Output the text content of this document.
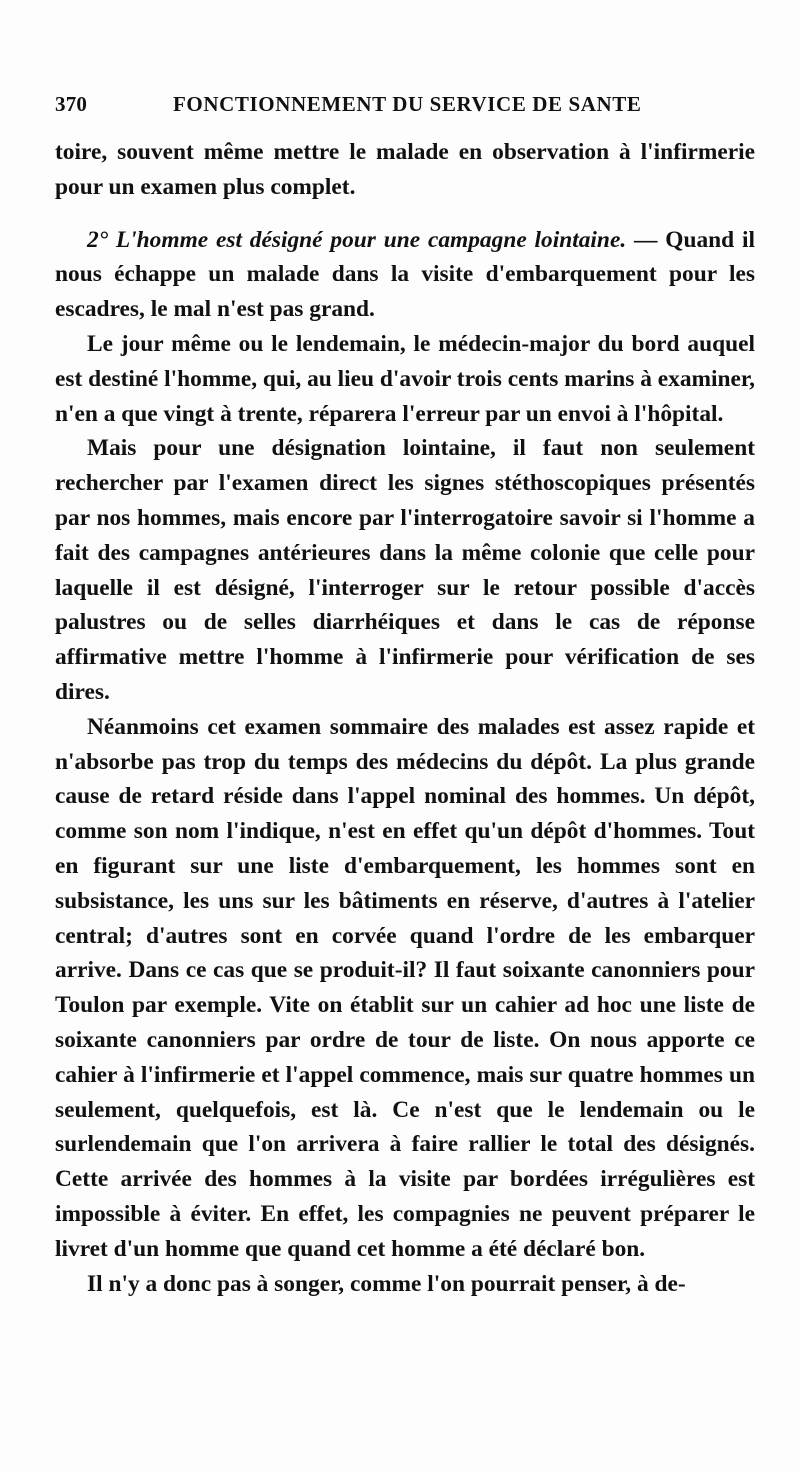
370	FONCTIONNEMENT DU SERVICE DE SANTE

toire, souvent même mettre le malade en observation à l'infirmerie pour un examen plus complet.

2° L'homme est désigné pour une campagne lointaine. — Quand il nous échappe un malade dans la visite d'embarquement pour les escadres, le mal n'est pas grand.

Le jour même ou le lendemain, le médecin-major du bord auquel est destiné l'homme, qui, au lieu d'avoir trois cents marins à examiner, n'en a que vingt à trente, réparera l'erreur par un envoi à l'hôpital.

Mais pour une désignation lointaine, il faut non seulement rechercher par l'examen direct les signes stéthoscopiques présentés par nos hommes, mais encore par l'interrogatoire savoir si l'homme a fait des campagnes antérieures dans la même colonie que celle pour laquelle il est désigné, l'interroger sur le retour possible d'accès palustres ou de selles diarrhéiques et dans le cas de réponse affirmative mettre l'homme à l'infirmerie pour vérification de ses dires.

Néanmoins cet examen sommaire des malades est assez rapide et n'absorbe pas trop du temps des médecins du dépôt. La plus grande cause de retard réside dans l'appel nominal des hommes. Un dépôt, comme son nom l'indique, n'est en effet qu'un dépôt d'hommes. Tout en figurant sur une liste d'embarquement, les hommes sont en subsistance, les uns sur les bâtiments en réserve, d'autres à l'atelier central; d'autres sont en corvée quand l'ordre de les embarquer arrive. Dans ce cas que se produit-il? Il faut soixante canonniers pour Toulon par exemple. Vite on établit sur un cahier ad hoc une liste de soixante canonniers par ordre de tour de liste. On nous apporte ce cahier à l'infirmerie et l'appel commence, mais sur quatre hommes un seulement, quelquefois, est là. Ce n'est que le lendemain ou le surlendemain que l'on arrivera à faire rallier le total des désignés. Cette arrivée des hommes à la visite par bordées irrégulières est impossible à éviter. En effet, les compagnies ne peuvent préparer le livret d'un homme que quand cet homme a été déclaré bon.

Il n'y a donc pas à songer, comme l'on pourrait penser, à de-
